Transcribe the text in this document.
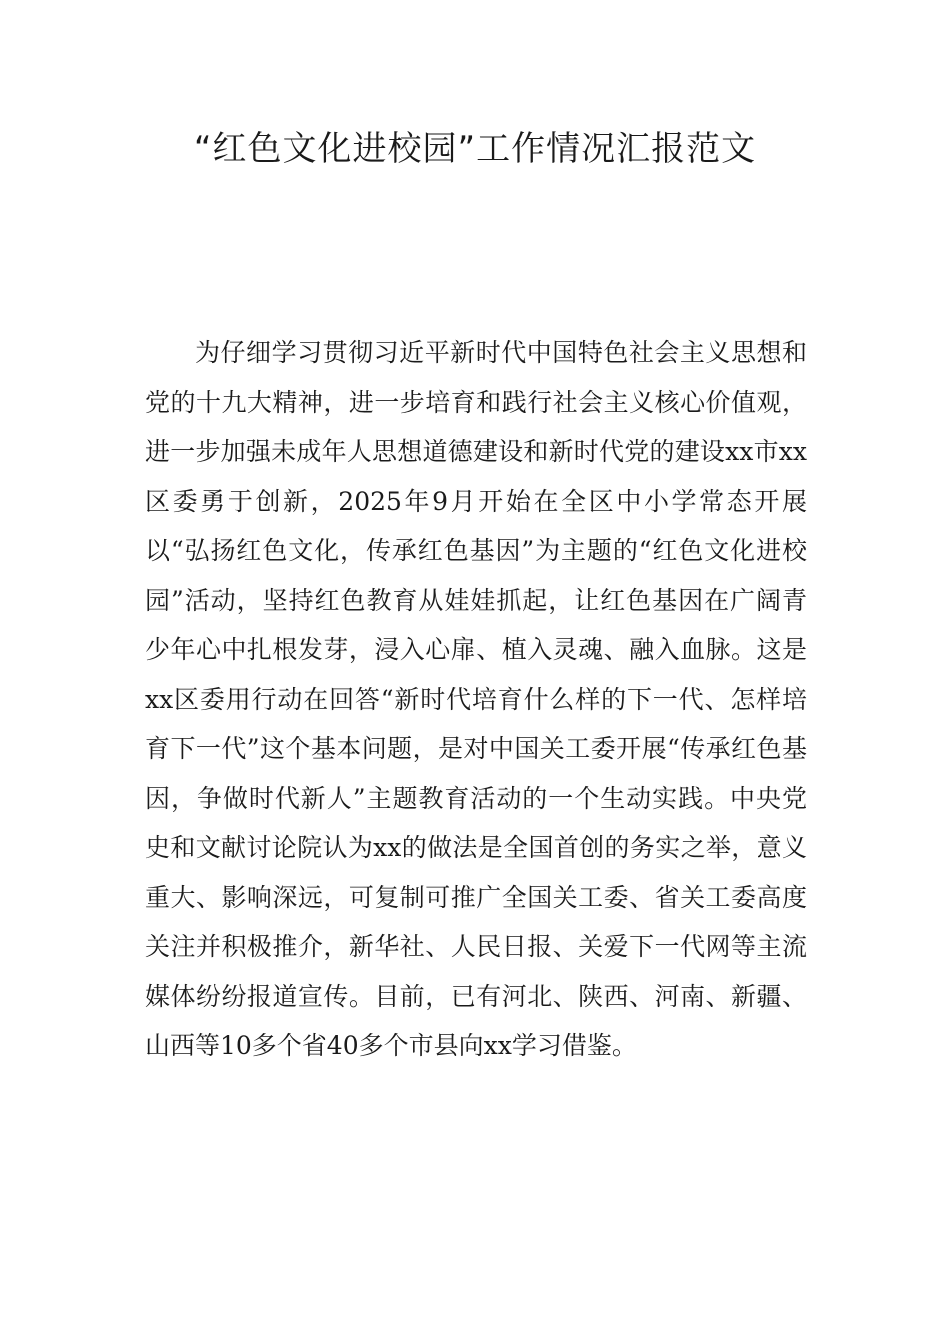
“红色文化进校园”工作情况汇报范文

为仔细学习贯彻习近平新时代中国特色社会主义思想和党的十九大精神，进一步培育和践行社会主义核心价值观，进一步加强未成年人思想道德建设和新时代党的建设xx市xx区委勇于创新，2025年9月开始在全区中小学常态开展以“弘扬红色文化，传承红色基因”为主题的“红色文化进校园”活动，坚持红色教育从娃娃抓起，让红色基因在广阔青少年心中扎根发芽，浸入心扉、植入灵魂、融入血脉。这是xx区委用行动在回答“新时代培育什么样的下一代、怎样培育下一代”这个基本问题，是对中国关工委开展“传承红色基因，争做时代新人”主题教育活动的一个生动实践。中央党史和文献讨论院认为xx的做法是全国首创的务实之举，意义重大、影响深远，可复制可推广全国关工委、省关工委高度关注并积极推介，新华社、人民日报、关爱下一代网等主流媒体纷纷报道宣传。目前，已有河北、陕西、河南、新疆、山西等10多个省40多个市县向xx学习借鉴。
